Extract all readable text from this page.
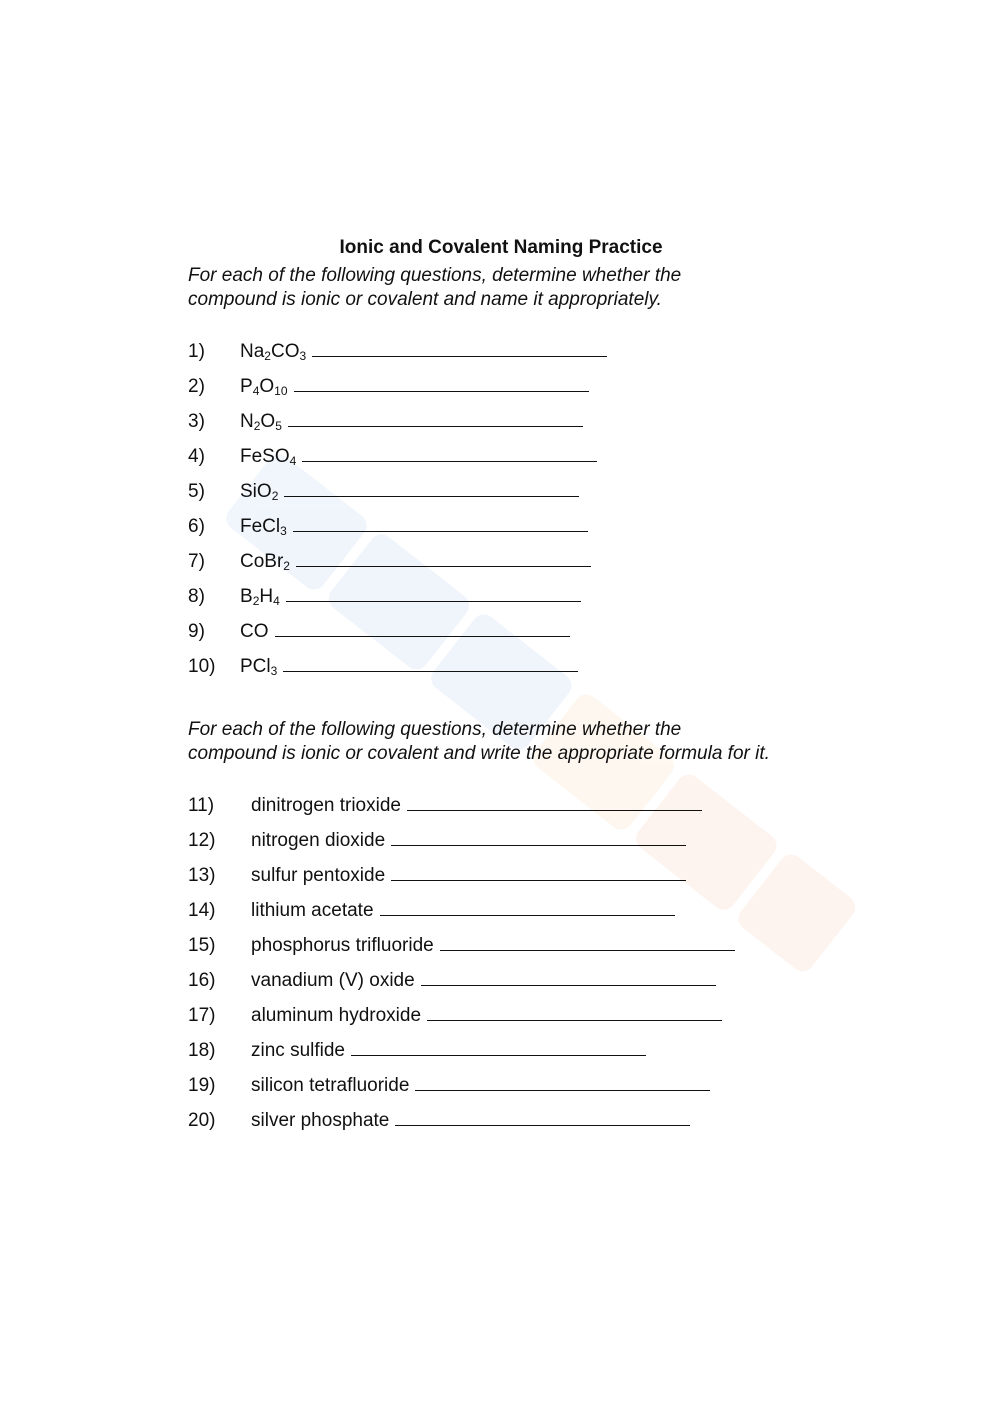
Ionic and Covalent Naming Practice
For each of the following questions, determine whether the
compound is ionic or covalent and name it appropriately.
1)	$Na_2CO_3$
2)	$P_4O_{10}$
3)	$N_2O_5$
4)	FeSO$_4$
5)	SiO$_2$
6)	FeCl$_3$
7)	CoBr$_2$
8)	$B_2H_4$
9)	CO
10)	PCl$_3$
For each of the following questions, determine whether the
compound is ionic or covalent and write the appropriate formula for it.
11)	dinitrogen trioxide
12)	nitrogen dioxide
13)	sulfur pentoxide
14)	lithium acetate
15)	phosphorus trifluoride
16)	vanadium (V) oxide
17)	aluminum hydroxide
18)	zinc sulfide
19)	silicon tetrafluoride
20)	silver phosphate
